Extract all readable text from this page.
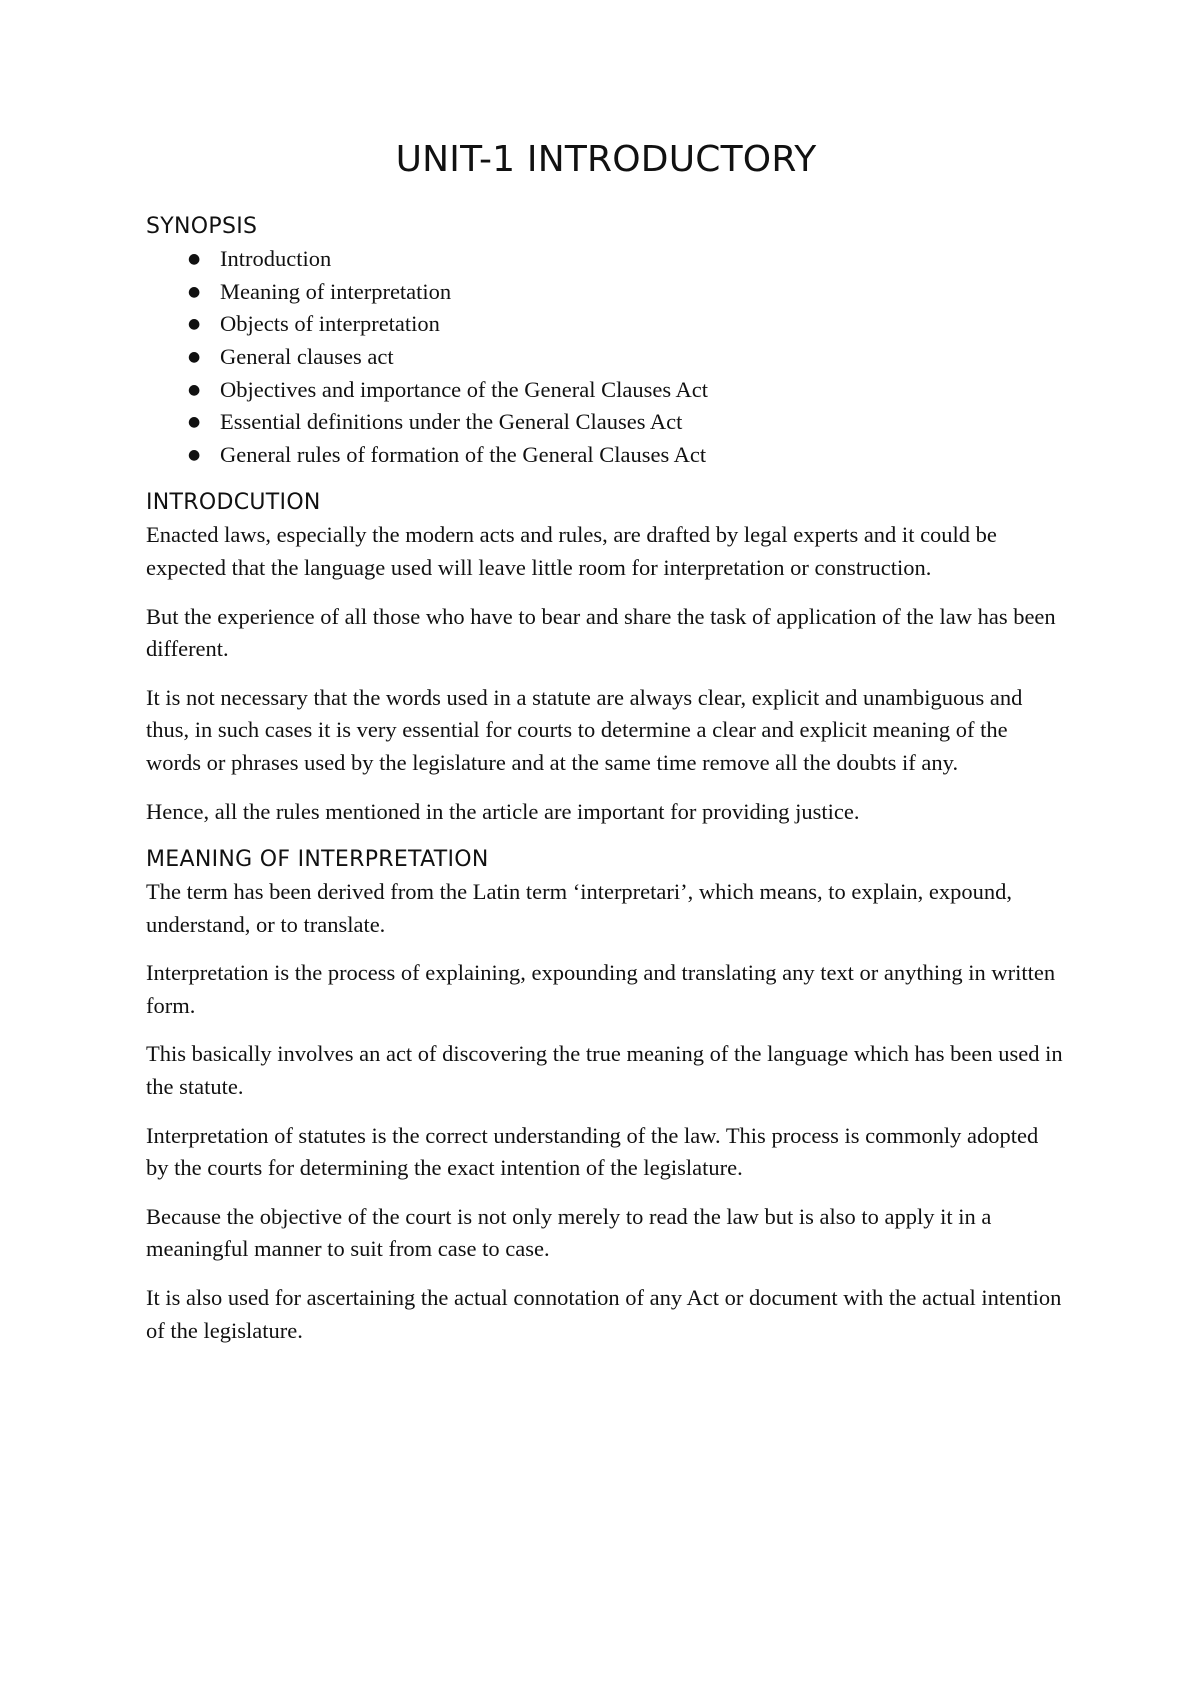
UNIT-1 INTRODUCTORY
SYNOPSIS
● Introduction
● Meaning of interpretation
● Objects of interpretation
● General clauses act
● Objectives and importance of the General Clauses Act
● Essential definitions under the General Clauses Act
● General rules of formation of the General Clauses Act
INTRODCUTION

Enacted laws, especially the modern acts and rules, are drafted by legal experts and it could be expected that the language used will leave little room for interpretation or construction.

But the experience of all those who have to bear and share the task of application of the law has been different.

It is not necessary that the words used in a statute are always clear, explicit and unambiguous and thus, in such cases it is very essential for courts to determine a clear and explicit meaning of the words or phrases used by the legislature and at the same time remove all the doubts if any.

Hence, all the rules mentioned in the article are important for providing justice.

MEANING OF INTERPRETATION

The term has been derived from the Latin term ‘interpretari’, which means, to explain, expound, understand, or to translate.

Interpretation is the process of explaining, expounding and translating any text or anything in written form.

This basically involves an act of discovering the true meaning of the language which has been used in the statute.

Interpretation of statutes is the correct understanding of the law. This process is commonly adopted by the courts for determining the exact intention of the legislature.

Because the objective of the court is not only merely to read the law but is also to apply it in a meaningful manner to suit from case to case.

It is also used for ascertaining the actual connotation of any Act or document with the actual intention of the legislature.
